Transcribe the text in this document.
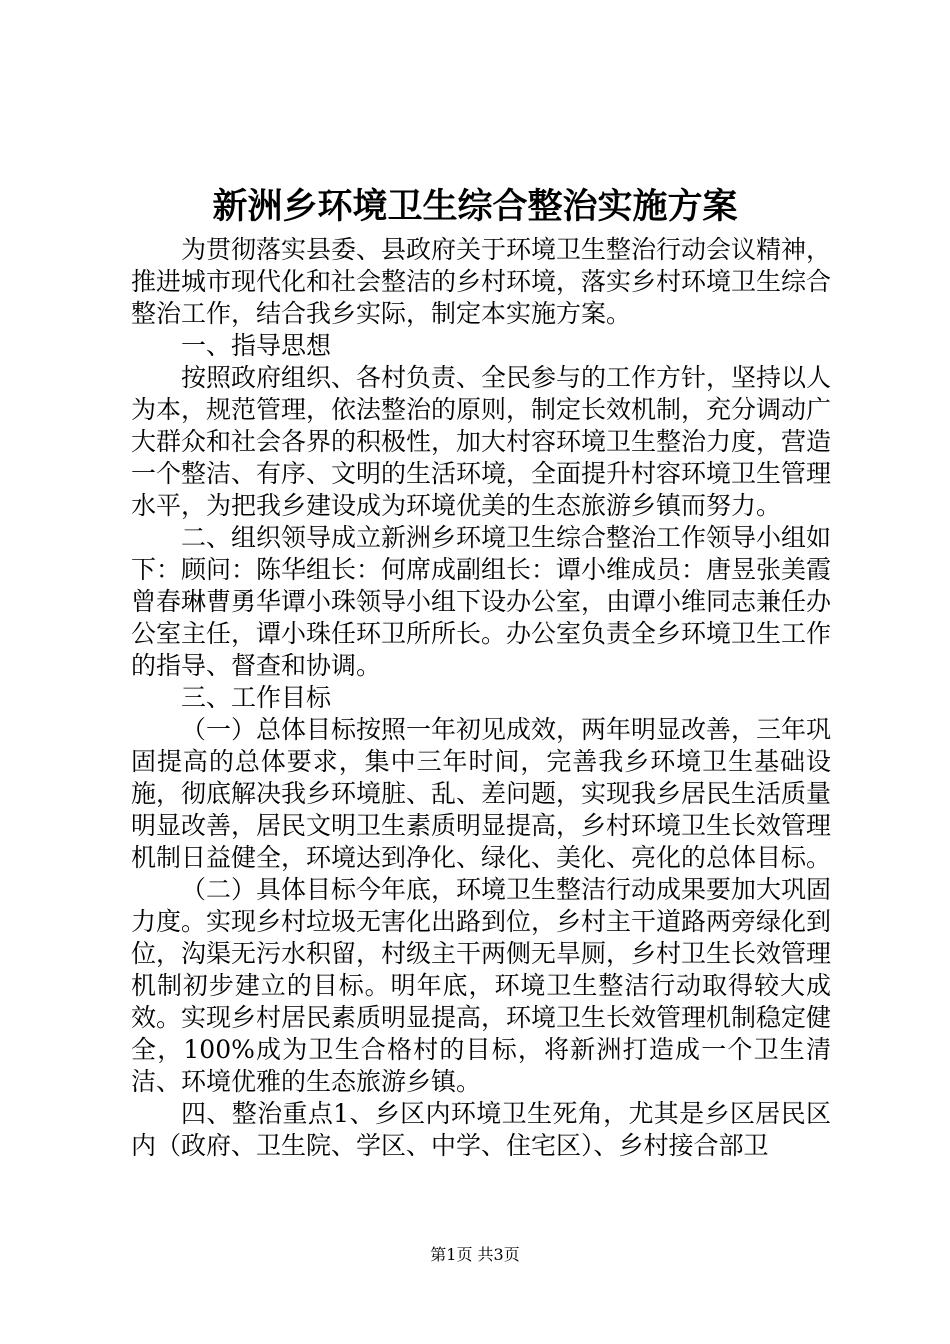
新洲乡环境卫生综合整治实施方案

为贯彻落实县委、县政府关于环境卫生整治行动会议精神，推进城市现代化和社会整洁的乡村环境，落实乡村环境卫生综合整治工作，结合我乡实际，制定本实施方案。

一、指导思想

按照政府组织、各村负责、全民参与的工作方针，坚持以人为本，规范管理，依法整治的原则，制定长效机制，充分调动广大群众和社会各界的积极性，加大村容环境卫生整治力度，营造一个整洁、有序、文明的生活环境，全面提升村容环境卫生管理水平，为把我乡建设成为环境优美的生态旅游乡镇而努力。

二、组织领导成立新洲乡环境卫生综合整治工作领导小组如下：顾问：陈华组长：何席成副组长：谭小维成员：唐昱张美霞曾春琳曹勇华谭小珠领导小组下设办公室，由谭小维同志兼任办公室主任，谭小珠任环卫所所长。办公室负责全乡环境卫生工作的指导、督查和协调。

三、工作目标

（一）总体目标按照一年初见成效，两年明显改善，三年巩固提高的总体要求，集中三年时间，完善我乡环境卫生基础设施，彻底解决我乡环境脏、乱、差问题，实现我乡居民生活质量明显改善，居民文明卫生素质明显提高，乡村环境卫生长效管理机制日益健全，环境达到净化、绿化、美化、亮化的总体目标。

（二）具体目标今年底，环境卫生整洁行动成果要加大巩固力度。实现乡村垃圾无害化出路到位，乡村主干道路两旁绿化到位，沟渠无污水积留，村级主干两侧无旱厕，乡村卫生长效管理机制初步建立的目标。明年底，环境卫生整洁行动取得较大成效。实现乡村居民素质明显提高，环境卫生长效管理机制稳定健全，100%成为卫生合格村的目标，将新洲打造成一个卫生清洁、环境优雅的生态旅游乡镇。

四、整治重点1、乡区内环境卫生死角，尤其是乡区居民区内（政府、卫生院、学区、中学、住宅区）、乡村接合部卫

第1页 共3页
